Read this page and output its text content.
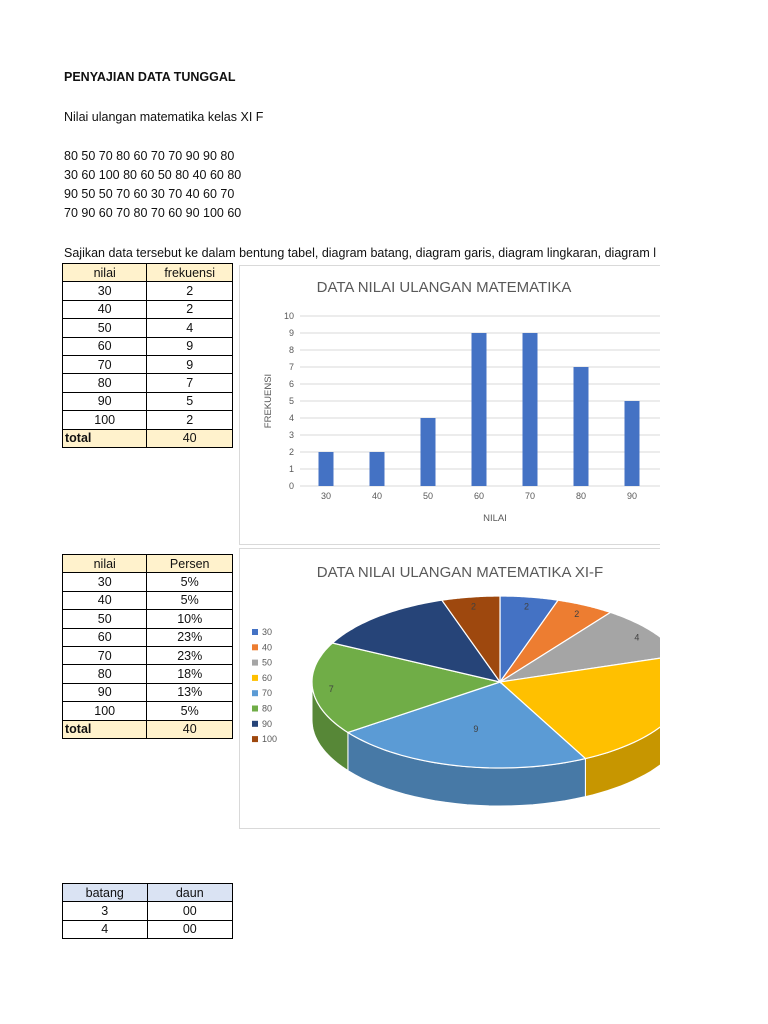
PENYAJIAN DATA TUNGGAL
Nilai ulangan matematika kelas XI F
80 50 70 80 60 70 70 90 90 80
30 60 100 80 60 50 80 40 60 80
90 50 50 70 60 30 70 40 60 70
70 90 60 70 80 70 60 90 100 60
Sajikan data tersebut ke dalam bentung tabel, diagram batang, diagram garis, diagram lingkaran, diagram l
nilai	frekuensi
30	2
40	2
50	4
60	9
70	9
80	7
90	5
100	2
total	40
DATA NILAI ULANGAN MATEMATIKA
0
1
2
3
4
5
6
7
8
9
10
30	40	50	60	70	80	90
NILAI
FREKUENSI
nilai	Persen
30	5%
40	5%
50	10%
60	23%
70	23%
80	18%
90	13%
100	5%
total	40
DATA NILAI ULANGAN MATEMATIKA XI-F
2
2
4
9
7
2
30
40
50
60
70
80
90
100
batang	daun
3	00
4	00
